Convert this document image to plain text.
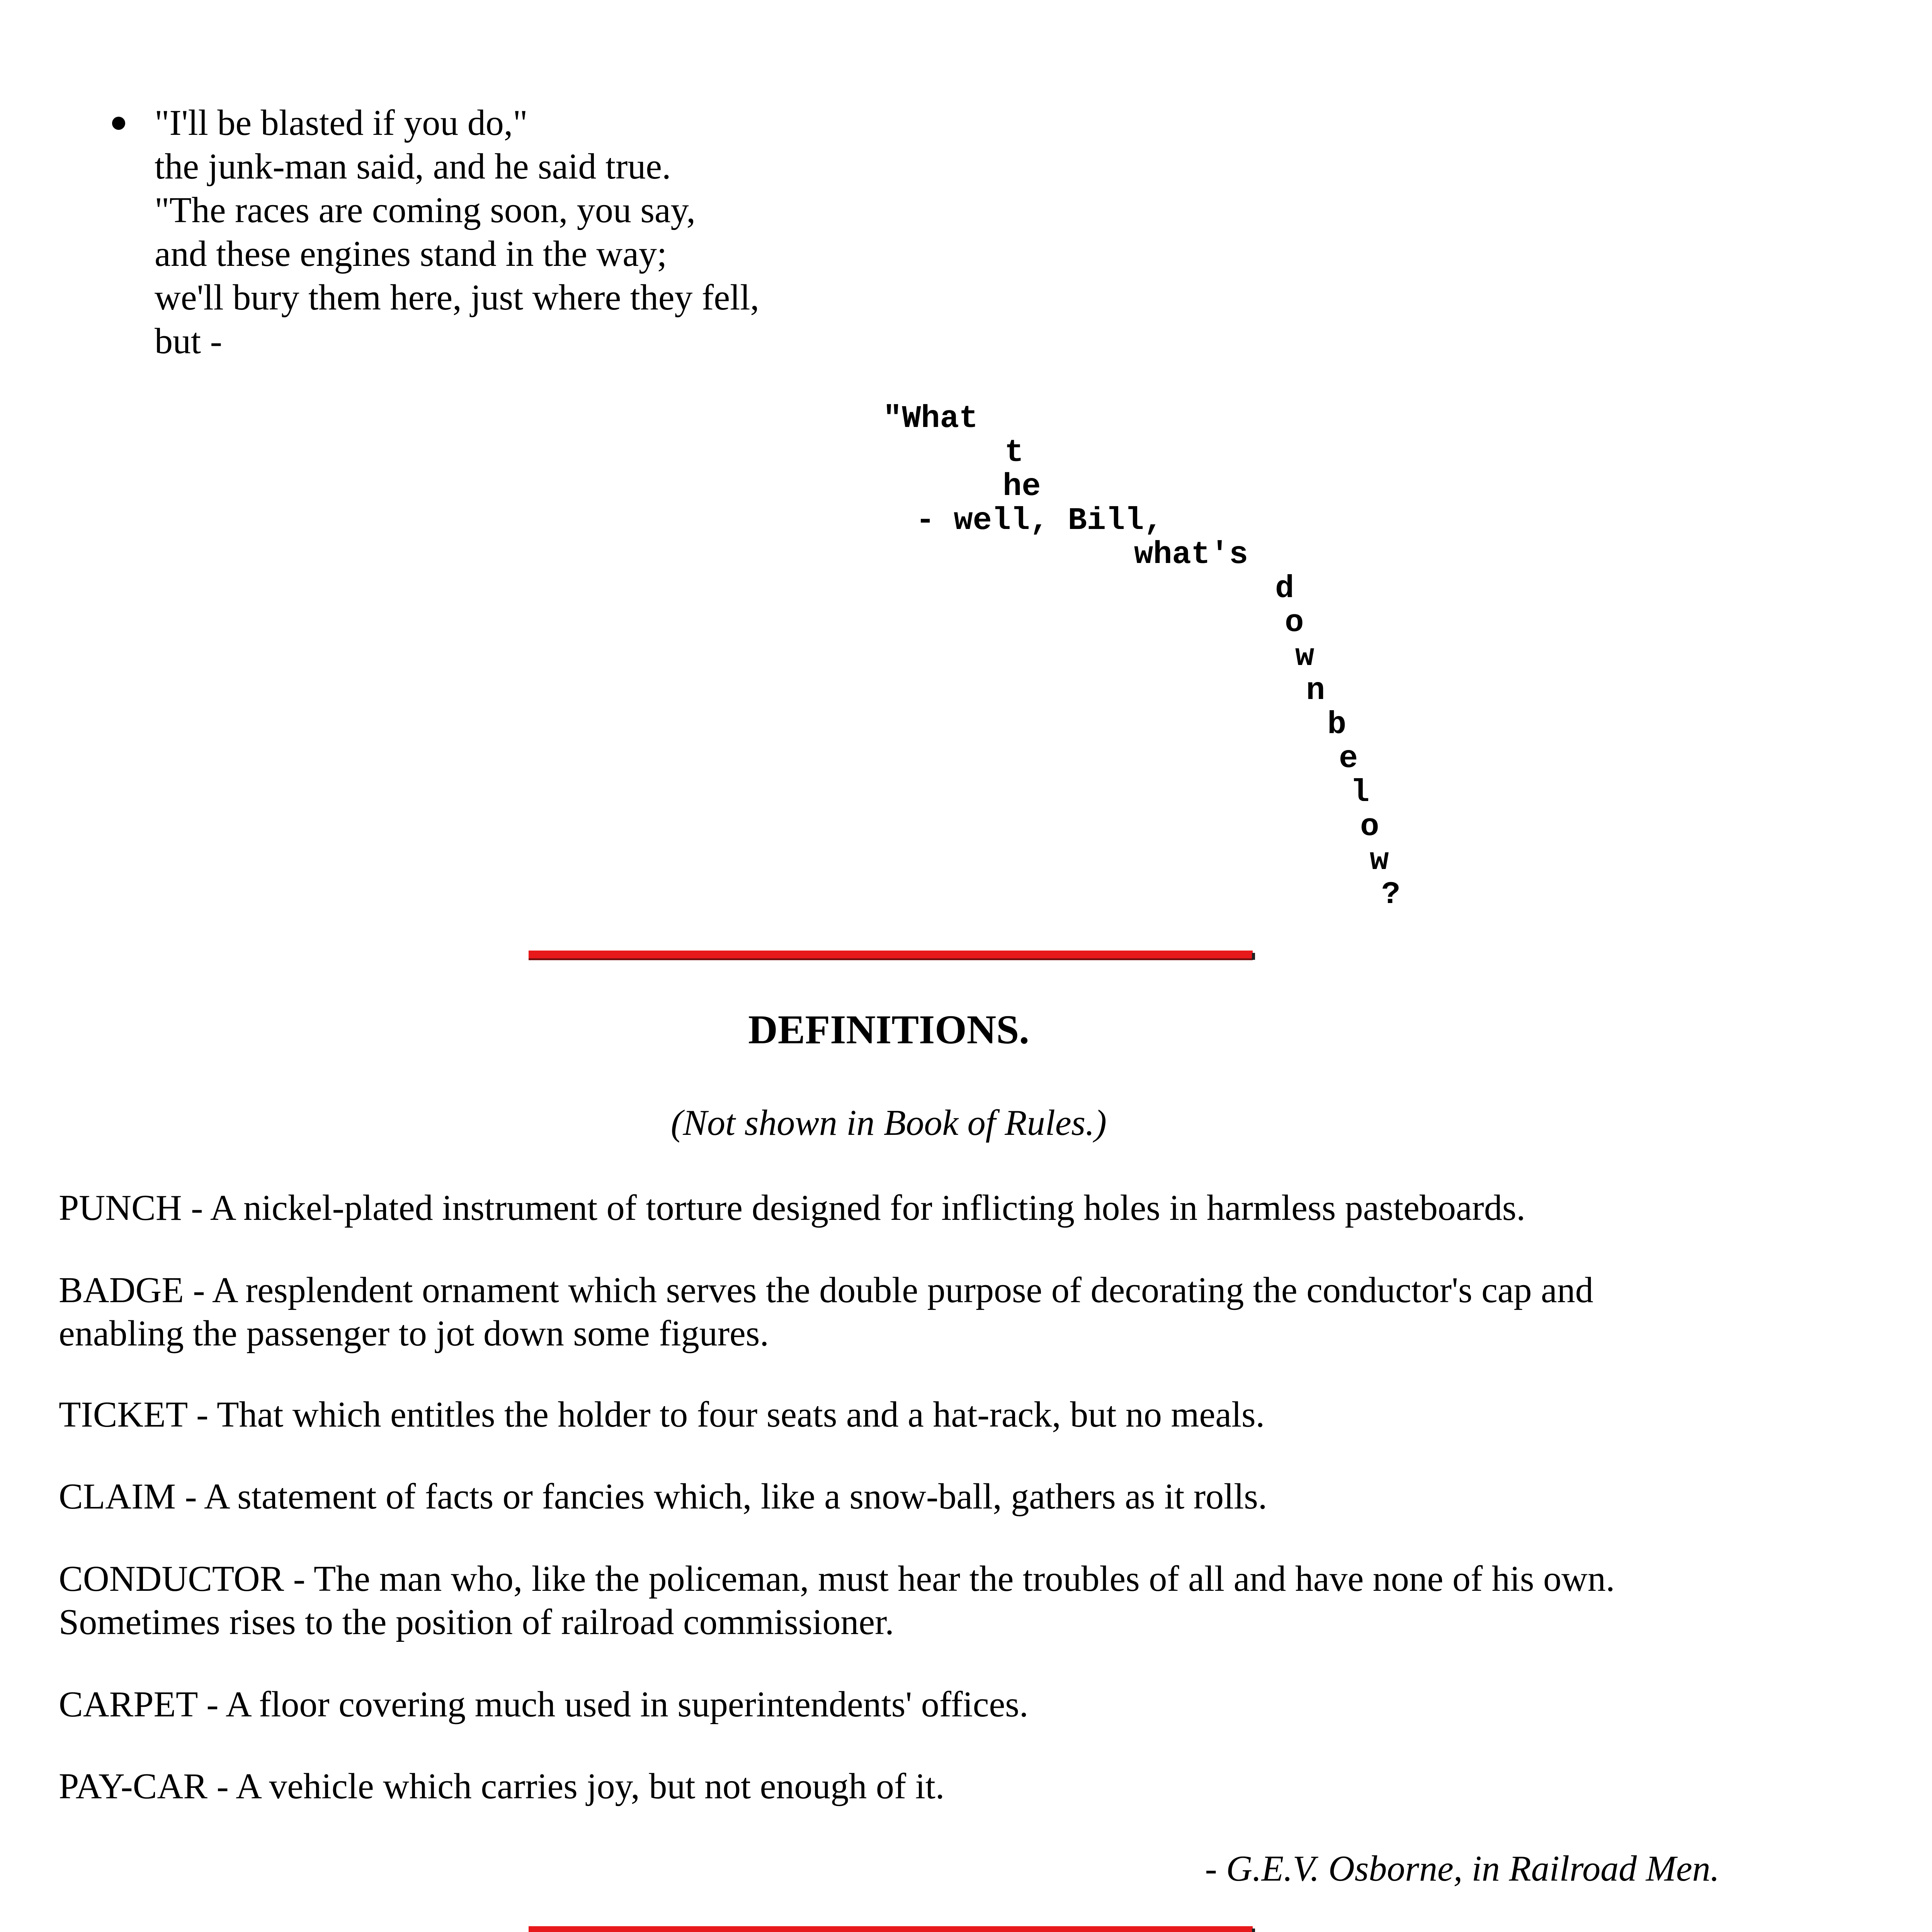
"I'll be blasted if you do,"
the junk-man said, and he said true.
"The races are coming soon, you say,
and these engines stand in the way;
we'll bury them here, just where they fell,
but -
"What
t
he
- well, Bill,
what's
d
o
w
n
b
e
l
o
w
?
DEFINITIONS.
(Not shown in Book of Rules.)
PUNCH - A nickel-plated instrument of torture designed for inflicting holes in harmless pasteboards.
BADGE - A resplendent ornament which serves the double purpose of decorating the conductor's cap and
enabling the passenger to jot down some figures.
TICKET - That which entitles the holder to four seats and a hat-rack, but no meals.
CLAIM - A statement of facts or fancies which, like a snow-ball, gathers as it rolls.
CONDUCTOR - The man who, like the policeman, must hear the troubles of all and have none of his own.
Sometimes rises to the position of railroad commissioner.
CARPET - A floor covering much used in superintendents' offices.
PAY-CAR - A vehicle which carries joy, but not enough of it.
- G.E.V. Osborne, in Railroad Men.
